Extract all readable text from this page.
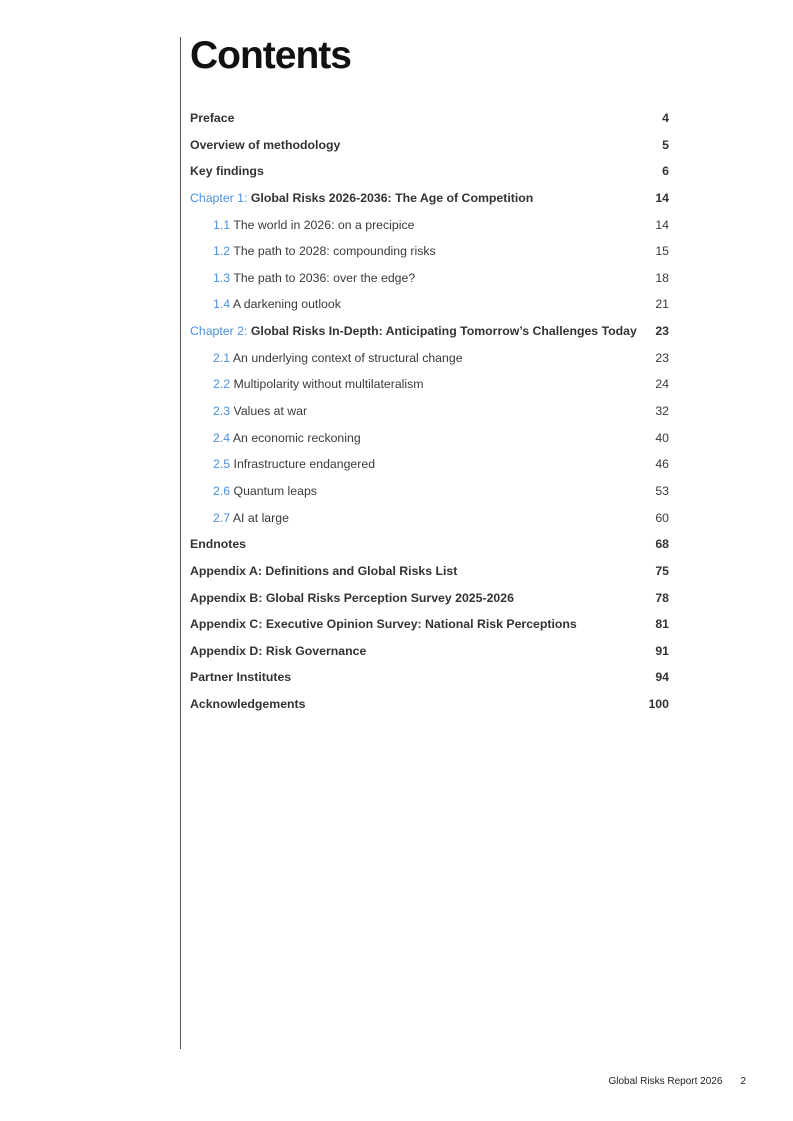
Contents
Preface	4
Overview of methodology	5
Key findings	6
Chapter 1: Global Risks 2026-2036: The Age of Competition	14
1.1 The world in 2026: on a precipice	14
1.2 The path to 2028: compounding risks	15
1.3 The path to 2036: over the edge?	18
1.4 A darkening outlook	21
Chapter 2: Global Risks In-Depth: Anticipating Tomorrow’s Challenges Today	23
2.1 An underlying context of structural change	23
2.2 Multipolarity without multilateralism	24
2.3 Values at war	32
2.4 An economic reckoning	40
2.5 Infrastructure endangered	46
2.6 Quantum leaps	53
2.7 AI at large	60
Endnotes	68
Appendix A: Definitions and Global Risks List	75
Appendix B: Global Risks Perception Survey 2025-2026	78
Appendix C: Executive Opinion Survey: National Risk Perceptions	81
Appendix D: Risk Governance	91
Partner Institutes	94
Acknowledgements	100
Global Risks Report 2026 2
